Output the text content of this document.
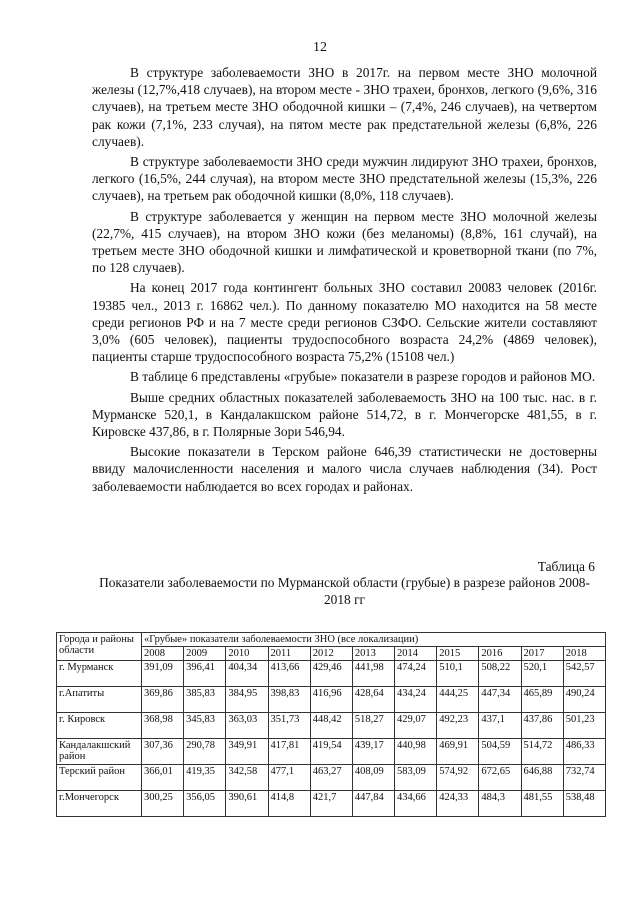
12

В структуре заболеваемости ЗНО в 2017г. на первом месте ЗНО молочной железы (12,7%,418 случаев), на втором месте - ЗНО трахеи, бронхов, легкого (9,6%, 316 случаев), на третьем месте ЗНО ободочной кишки – (7,4%, 246 случаев), на четвертом рак кожи (7,1%, 233 случая), на пятом месте рак предстательной железы (6,8%, 226 случаев).

В структуре заболеваемости ЗНО среди мужчин лидируют ЗНО трахеи, бронхов, легкого (16,5%, 244 случая), на втором месте ЗНО предстательной железы (15,3%, 226 случаев), на третьем рак ободочной кишки (8,0%, 118 случаев).

В структуре заболевается у женщин на первом месте ЗНО молочной железы (22,7%, 415 случаев), на втором ЗНО кожи (без меланомы) (8,8%, 161 случай), на третьем месте ЗНО ободочной кишки и лимфатической и кроветворной ткани (по 7%, по 128 случаев).

На конец 2017 года контингент больных ЗНО составил 20083 человек (2016г. 19385 чел., 2013 г. 16862 чел.). По данному показателю МО находится на 58 месте среди регионов РФ и на 7 месте среди регионов СЗФО. Сельские жители составляют 3,0% (605 человек), пациенты трудоспособного возраста 24,2% (4869 человек), пациенты старше трудоспособного возраста 75,2% (15108 чел.)

В таблице 6 представлены «грубые» показатели в разрезе городов и районов МО.

Выше средних областных показателей заболеваемость ЗНО на 100 тыс. нас. в г. Мурманске 520,1, в Кандалакшском районе 514,72, в г. Мончегорске 481,55, в г. Кировске 437,86, в г. Полярные Зори 546,94.

Высокие показатели в Терском районе 646,39 статистически не достоверны ввиду малочисленности населения и малого числа случаев наблюдения (34). Рост заболеваемости наблюдается во всех городах и районах.

Таблица 6
Показатели заболеваемости по Мурманской области (грубые) в разрезе районов 2008-2018 гг
Города и районы области	«Грубые» показатели заболеваемости ЗНО (все локализации)										
	2008	2009	2010	2011	2012	2013	2014	2015	2016	2017	2018
г. Мурманск	391,09	396,41	404,34	413,66	429,46	441,98	474,24	510,1	508,22	520,1	542,57
г.Апатиты	369,86	385,83	384,95	398,83	416,96	428,64	434,24	444,25	447,34	465,89	490,24
г. Кировск	368,98	345,83	363,03	351,73	448,42	518,27	429,07	492,23	437,1	437,86	501,23
Кандалакшский район	307,36	290,78	349,91	417,81	419,54	439,17	440,98	469,91	504,59	514,72	486,33
Терский район	366,01	419,35	342,58	477,1	463,27	408,09	583,09	574,92	672,65	646,88	732,74
г.Мончегорск	300,25	356,05	390,61	414,8	421,7	447,84	434,66	424,33	484,3	481,55	538,48
